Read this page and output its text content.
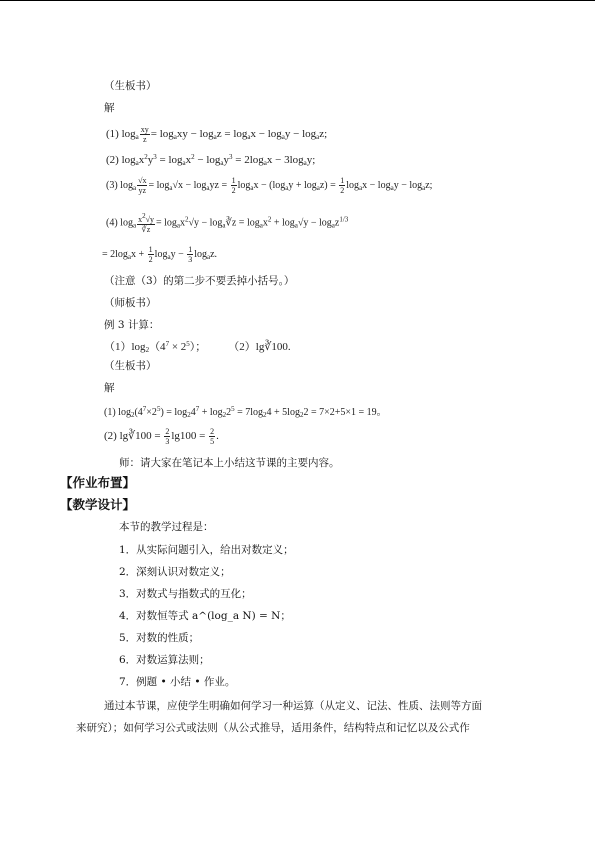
（生板书）
解
(1) $\log_a \frac{xy}{z} = \log_axy - \log_az = \log_ax - \log_ay - \log_az$;
(2) $\log_ax^2y^3 = \log_ax^2 - \log_ay^3 = 2\log_ax - 3\log_ay$;
(3) $\log_a \frac{√x}{yz} = \log_a√x - \log_ayz = \frac{1}{2} \log_ax - (\log_ay + \log_az) = \frac{1}{2} \log_ax - \log_ay - \log_az$;
(4) $\log_a \frac{x2√y}{∛z} = \log_ax^2√y$ − $\log_a∛z = \log_ax^2 + \log_a√y - \log_az^{1/3}$
= $2\log_ax + \frac{1}{2} \log_ay - \frac{1}{3} \log_az$.
（注意（3）的第二步不要丢掉小括号。）
（师板书）
例 3 计算：
$(1)\log_2(4^7 \times 2^5)$；        （2）lg∛100.
（生板书）
解
(1) $\log_2(4^7\times 2^5) = \log_24^7 + \log_22^5 = 7\log_24 + 5\log_22 = 7\times 2+5\times 1 = 19$。
(2) lg∛100 = $\frac{2}{3} \lg 100 = \frac{2}{5}$ .
师：请大家在笔记本上小结这节课的主要内容。
【作业布置】
【教学设计】
本节的教学过程是：
1．从实际问题引入，给出对数定义；
2．深刻认识对数定义；
3．对数式与指数式的互化；
4．对数恒等式 a^(log_a N) = N；
5．对数的性质；
6．对数运算法则；
7．例题 • 小结 • 作业。
通过本节课，应使学生明确如何学习一种运算（从定义、记法、性质、法则等方面
来研究）；如何学习公式或法则（从公式推导，适用条件，结构特点和记忆以及公式作
